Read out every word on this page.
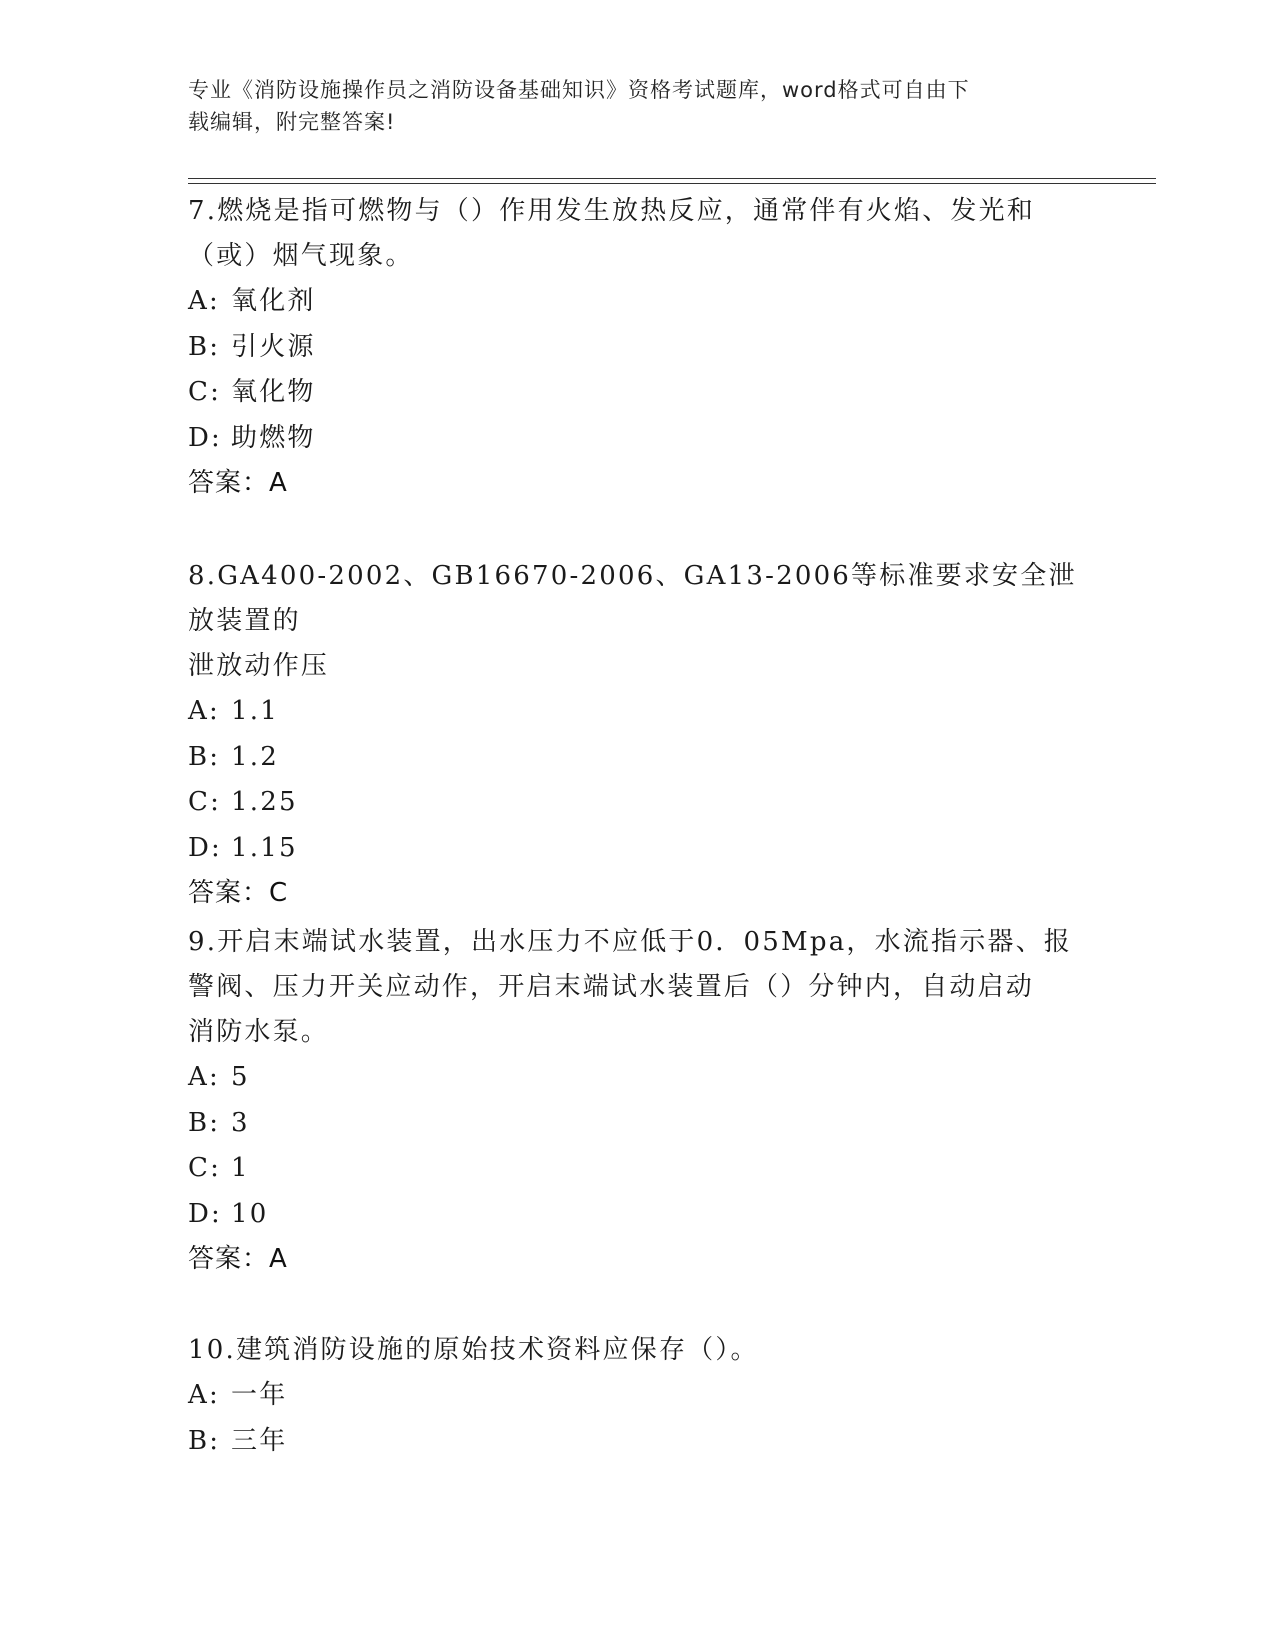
专业《消防设施操作员之消防设备基础知识》资格考试题库，word格式可自由下
载编辑，附完整答案!

7.燃烧是指可燃物与（）作用发生放热反应，通常伴有火焰、发光和

（或）烟气现象。

A: 氧化剂

B: 引火源

C: 氧化物

D: 助燃物

答案：A

8.GA400-2002、GB16670-2006、GA13-2006等标准要求安全泄放装置的

泄放动作压

A: 1.1

B: 1.2

C: 1.25

D: 1.15

答案：C

9.开启末端试水装置，出水压力不应低于0．05Mpa，水流指示器、报

警阀、压力开关应动作，开启末端试水装置后（）分钟内，自动启动

消防水泵。

A: 5

B: 3

C: 1

D: 10

答案：A

10.建筑消防设施的原始技术资料应保存（）。

A: 一年

B: 三年
